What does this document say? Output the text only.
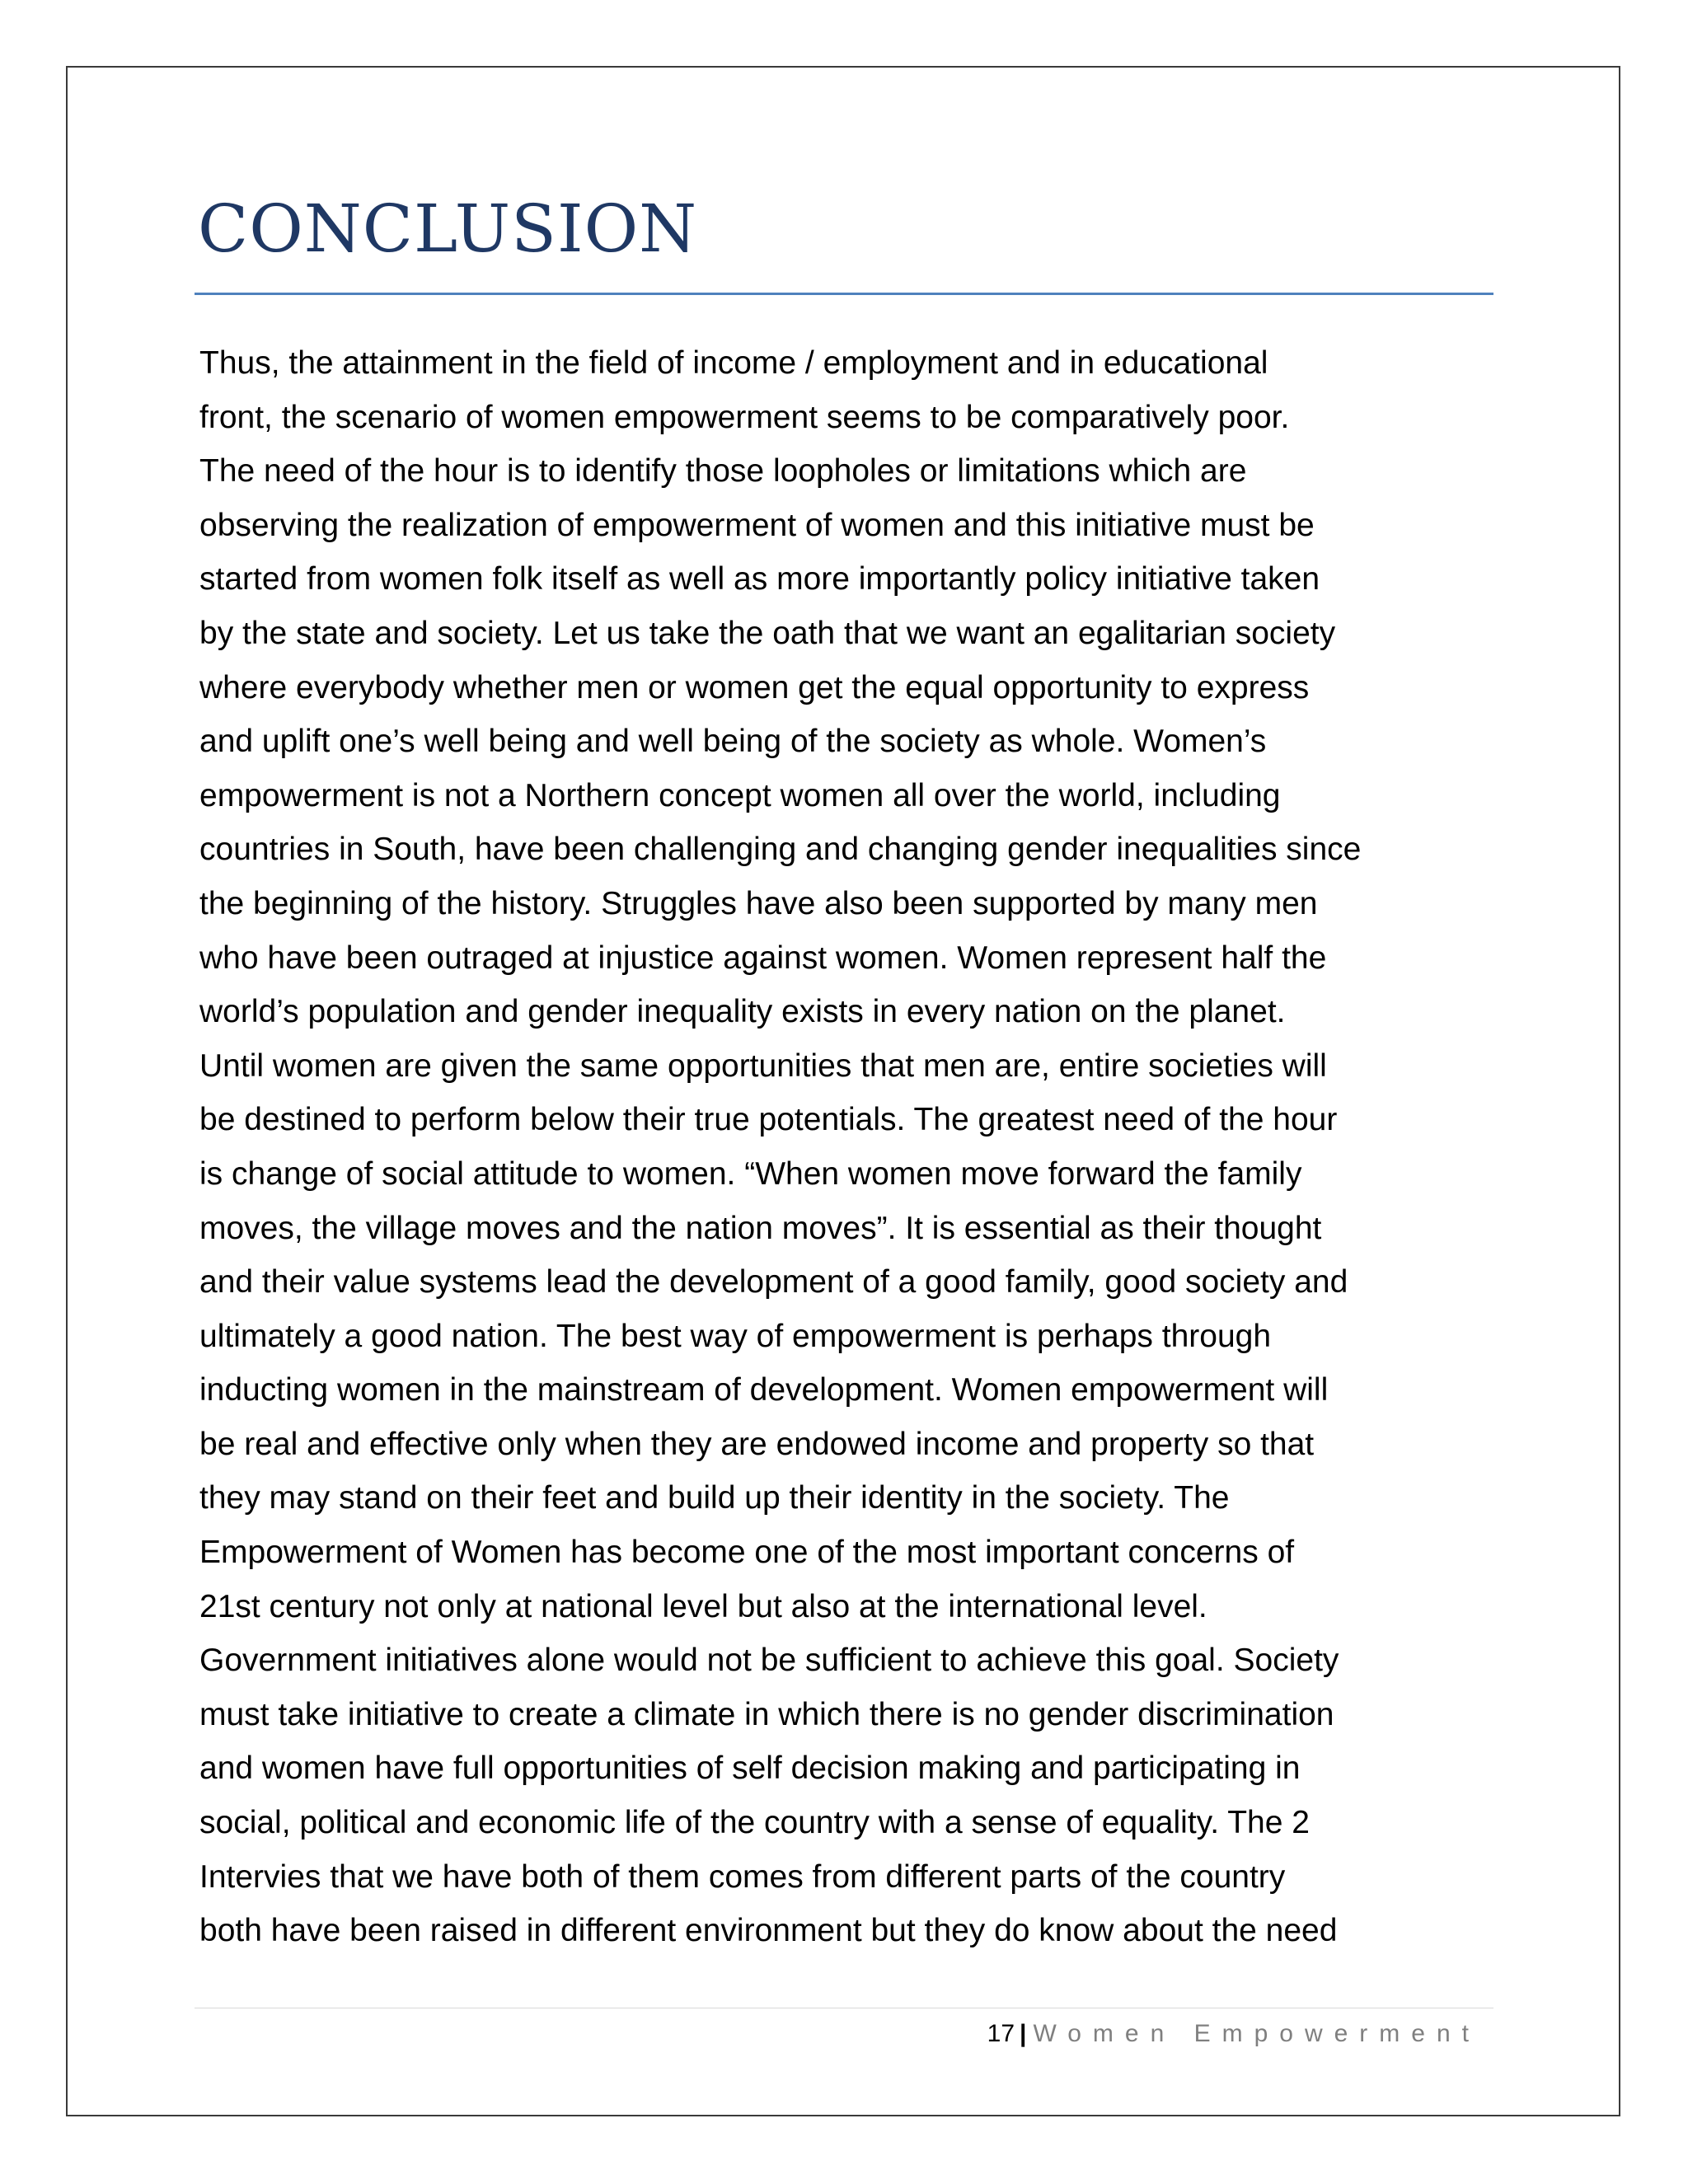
CONCLUSION
Thus, the attainment in the field of income / employment and in educational
front, the scenario of women empowerment seems to be comparatively poor.
The need of the hour is to identify those loopholes or limitations which are
observing the realization of empowerment of women and this initiative must be
started from women folk itself as well as more importantly policy initiative taken
by the state and society. Let us take the oath that we want an egalitarian society
where everybody whether men or women get the equal opportunity to express
and uplift one’s well being and well being of the society as whole. Women’s
empowerment is not a Northern concept women all over the world, including
countries in South, have been challenging and changing gender inequalities since
the beginning of the history. Struggles have also been supported by many men
who have been outraged at injustice against women. Women represent half the
world’s population and gender inequality exists in every nation on the planet.
Until women are given the same opportunities that men are, entire societies will
be destined to perform below their true potentials. The greatest need of the hour
is change of social attitude to women. “When women move forward the family
moves, the village moves and the nation moves”. It is essential as their thought
and their value systems lead the development of a good family, good society and
ultimately a good nation. The best way of empowerment is perhaps through
inducting women in the mainstream of development. Women empowerment will
be real and effective only when they are endowed income and property so that
they may stand on their feet and build up their identity in the society. The
Empowerment of Women has become one of the most important concerns of
21st century not only at national level but also at the international level.
Government initiatives alone would not be sufficient to achieve this goal. Society
must take initiative to create a climate in which there is no gender discrimination
and women have full opportunities of self decision making and participating in
social, political and economic life of the country with a sense of equality. The 2
Intervies that we have both of them comes from different parts of the country
both have been raised in different environment but they do know about the need
17 | Women Empowerment
